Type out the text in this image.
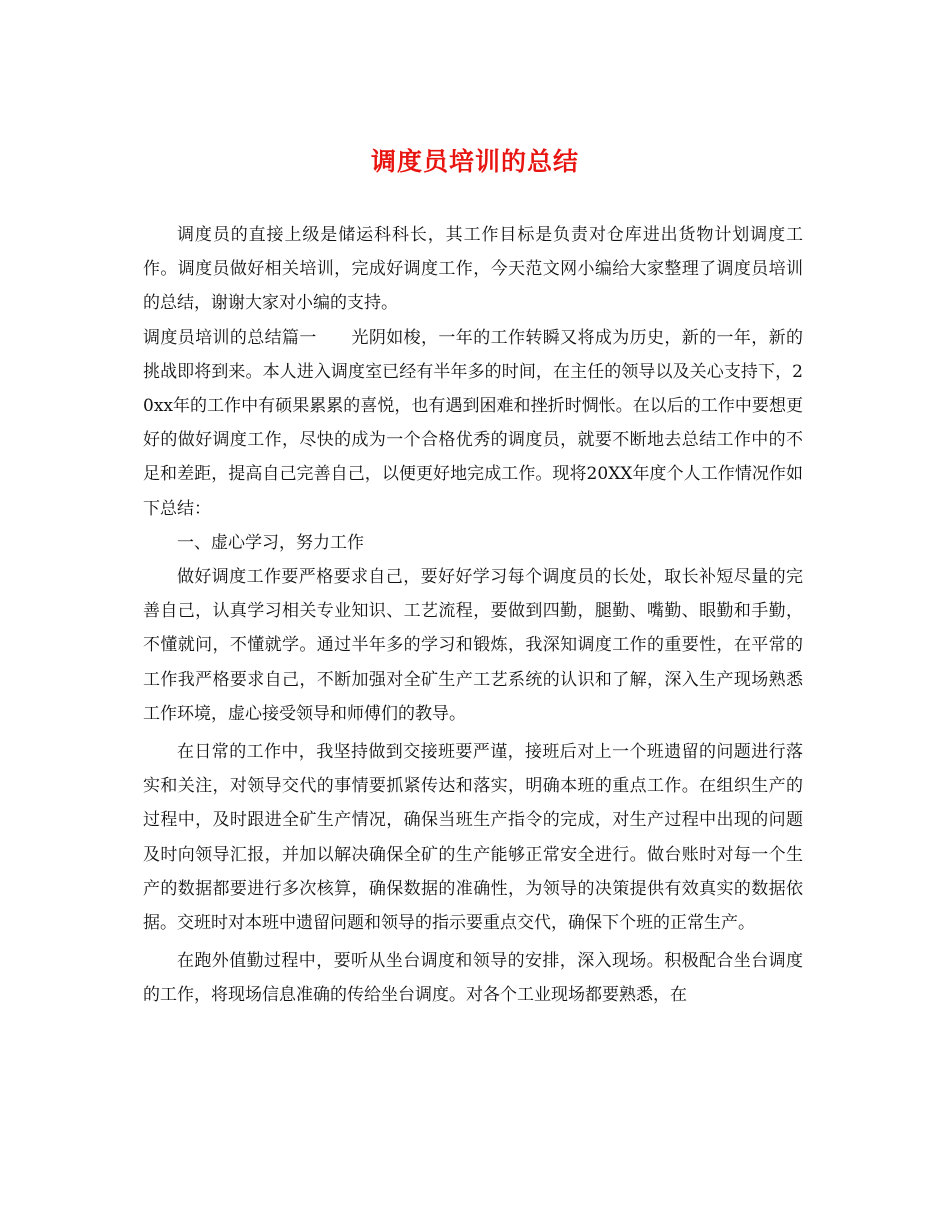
调度员培训的总结

调度员的直接上级是储运科科长，其工作目标是负责对仓库进出货物计划调度工作。调度员做好相关培训，完成好调度工作，今天范文网小编给大家整理了调度员培训的总结，谢谢大家对小编的支持。

调度员培训的总结篇一　　光阴如梭，一年的工作转瞬又将成为历史，新的一年，新的挑战即将到来。本人进入调度室已经有半年多的时间，在主任的领导以及关心支持下，20xx年的工作中有硕果累累的喜悦，也有遇到困难和挫折时惆怅。在以后的工作中要想更好的做好调度工作，尽快的成为一个合格优秀的调度员，就要不断地去总结工作中的不足和差距，提高自己完善自己，以便更好地完成工作。现将20XX年度个人工作情况作如下总结：

一、虚心学习，努力工作

做好调度工作要严格要求自己，要好好学习每个调度员的长处，取长补短尽量的完善自己，认真学习相关专业知识、工艺流程，要做到四勤，腿勤、嘴勤、眼勤和手勤，不懂就问，不懂就学。通过半年多的学习和锻炼，我深知调度工作的重要性，在平常的工作我严格要求自己，不断加强对全矿生产工艺系统的认识和了解，深入生产现场熟悉工作环境，虚心接受领导和师傅们的教导。

在日常的工作中，我坚持做到交接班要严谨，接班后对上一个班遗留的问题进行落实和关注，对领导交代的事情要抓紧传达和落实，明确本班的重点工作。在组织生产的过程中，及时跟进全矿生产情况，确保当班生产指令的完成，对生产过程中出现的问题及时向领导汇报，并加以解决确保全矿的生产能够正常安全进行。做台账时对每一个生产的数据都要进行多次核算，确保数据的准确性，为领导的决策提供有效真实的数据依据。交班时对本班中遗留问题和领导的指示要重点交代，确保下个班的正常生产。

在跑外值勤过程中，要听从坐台调度和领导的安排，深入现场。积极配合坐台调度的工作，将现场信息准确的传给坐台调度。对各个工业现场都要熟悉，在
